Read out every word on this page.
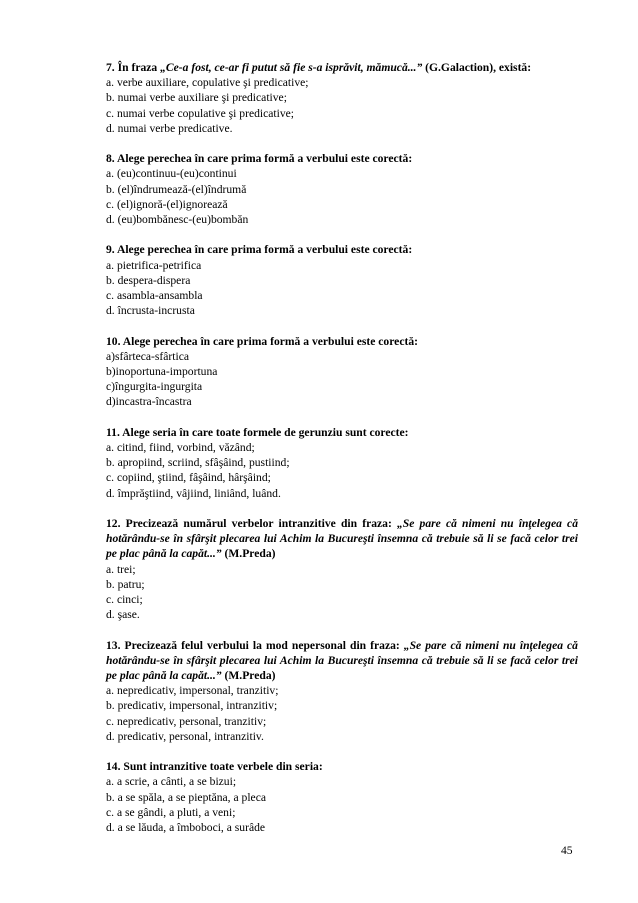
7. În fraza „Ce-a fost, ce-ar fi putut să fie s-a isprăvit, mămucă...” (G.Galaction), există:
a. verbe auxiliare, copulative şi predicative;
b. numai verbe auxiliare şi predicative;
c. numai verbe copulative şi predicative;
d. numai verbe predicative.
8. Alege perechea în care prima formă a verbului este corectă:
a. (eu)continuu-(eu)continui
b. (el)îndrumează-(el)îndrumă
c. (el)ignoră-(el)ignorează
d. (eu)bombănesc-(eu)bombăn
9. Alege perechea în care prima formă a verbului este corectă:
a. pietrifica-petrifica
b. despera-dispera
c. asambla-ansambla
d. încrusta-incrusta
10. Alege perechea în care prima formă a verbului este corectă:
a)sfârteca-sfârtica
b)inoportuna-importuna
c)îngurgita-ingurgita
d)incastra-încastra
11. Alege seria în care toate formele de gerunziu sunt corecte:
a. citind, fiind, vorbind, văzând;
b. apropiind, scriind, sfâşâind, pustiind;
c. copiind, ştiind, fâşâind, hârşâind;
d. împrăştiind, vâjiind, liniând, luând.
12. Precizează numărul verbelor intranzitive din fraza: „Se pare că nimeni nu înţelegea că hotărându-se în sfârşit plecarea lui Achim la Bucureşti însemna că trebuie să li se facă celor trei pe plac până la capăt...” (M.Preda)
a. trei;
b. patru;
c. cinci;
d. şase.
13. Precizează felul verbului la mod nepersonal din fraza: „Se pare că nimeni nu înţelegea că hotărându-se în sfârşit plecarea lui Achim la Bucureşti însemna că trebuie să li se facă celor trei pe plac până la capăt...” (M.Preda)
a. nepredicativ, impersonal, tranzitiv;
b. predicativ, impersonal, intranzitiv;
c. nepredicativ, personal, tranzitiv;
d. predicativ, personal, intranzitiv.
14. Sunt intranzitive toate verbele din seria:
a. a scrie, a cânti, a se bizui;
b. a se spăla, a se pieptăna, a pleca
c. a se gândi, a pluti, a veni;
d. a se lăuda, a îmboboci, a surâde
45
